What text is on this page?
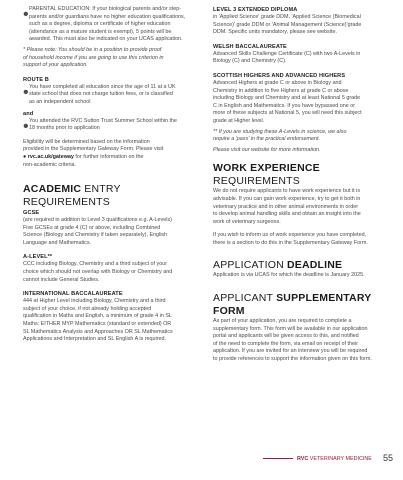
• PARENTAL EDUCATION: If your biological parents and/or step-

parents and/or guardians have no higher education qualifications,

such as a degree, diploma or certificate of higher education

(attendance as a mature student is exempt), 5 points will be

awarded. This must also be indicated on your UCAS application.

* Please note: You should be in a position to provide proof

of household income if you are going to use this criterion in

support of your application.

ROUTE B

• You have completed all education since the age of 11 at a UK

state school that does not charge tuition fees, or is classified

as an independent school

and

• You attended the RVC Sutton Trust Summer School within the

18 months prior to application

Eligibility will be determined based on the information

provided in the Supplementary Gateway Form. Please visit

● rvc.ac.uk/gateway for further information on the

non-academic criteria.

ACADEMIC ENTRY REQUIREMENTS

GCSE

(are required in addition to Level 3 qualifications e.g. A-Levels)

Five GCSEs at grade 4 (C) or above, including Combined

Science (Biology and Chemistry if taken separately), English

Language and Mathematics.

A-LEVEL**

CCC including Biology, Chemistry and a third subject of your

choice which should not overlap with Biology or Chemistry and

cannot include General Studies.

INTERNATIONAL BACCALAUREATE

444 at Higher Level including Biology, Chemistry and a third

subject of your choice, if not already holding accepted

qualification in Maths and English, a minimum of grade 4 in SL

Maths: EITHER MYP Mathematics (standard or extended) OR

SL Mathematics Analysis and Approaches OR SL Mathematics

Applications and Interpretation and SL English A is required.

LEVEL 3 EXTENDED DIPLOMA

in 'Applied Science' grade DDM, 'Applied Science (Biomedical

Science)' grade DDM or 'Animal Management (Science)'grade

DDM. Specific units mandatory, please see website.

WELSH BACCALAUREATE

Advanced Skills Challenge Certificate (C) with two A-Levels in

Biology (C) and Chemistry (C).

SCOTTISH HIGHERS AND ADVANCED HIGHERS

Advanced Highers at grade C or above in Biology and

Chemistry in addition to five Highers at grade C or above

including Biology and Chemistry and at least National 5 grade

C in English and Mathematics. If you have bypassed one or

more of these subjects at National 5, you will need this subject

grade at Higher level.

** If you are studying these A-Levels in science, we also

require a 'pass' in the practical endorsement.

Please visit our website for more information.

WORK EXPERIENCE REQUIREMENTS

We do not require applicants to have work experience but it is

advisable. If you can gain work experience, try to get it both in

veterinary practice and in other animal environments in order

to develop animal handling skills and obtain an insight into the

work of veterinary surgeons.

If you wish to inform us of work experience you have completed,

there is a section to do this in the Supplementary Gateway Form.

APPLICATION DEADLINE

Application is via UCAS for which the deadline is January 2025.

APPLICANT SUPPLEMENTARY FORM

As part of your application, you are required to complete a

supplementary form. This form will be available in our application

portal and applicants will be given access to this, and notified

of the need to complete the form, via email on receipt of their

application. If you are invited for an interview you will be required

to provide references to support the information given on this form.

RVC VETERINARY MEDICINE 55
